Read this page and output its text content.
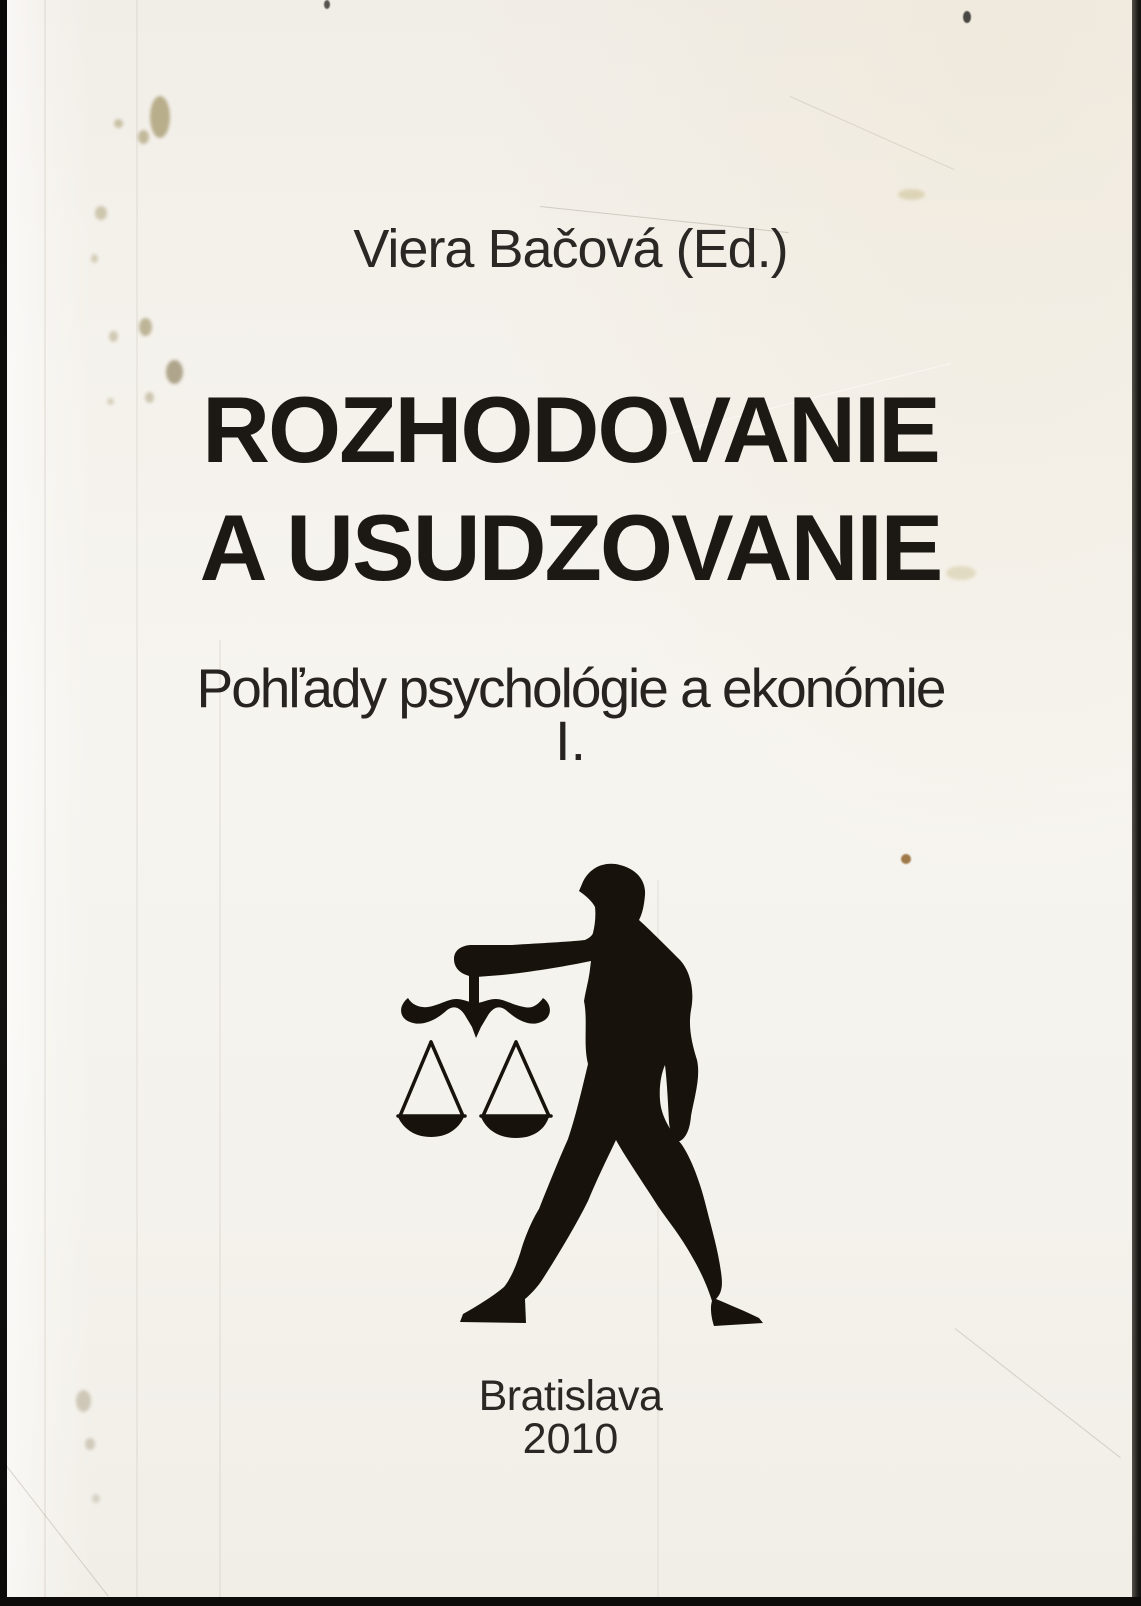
Viera Bačová (Ed.)
ROZHODOVANIE
A USUDZOVANIE
Pohľady psychológie a ekonómie
I.
Bratislava
2010
